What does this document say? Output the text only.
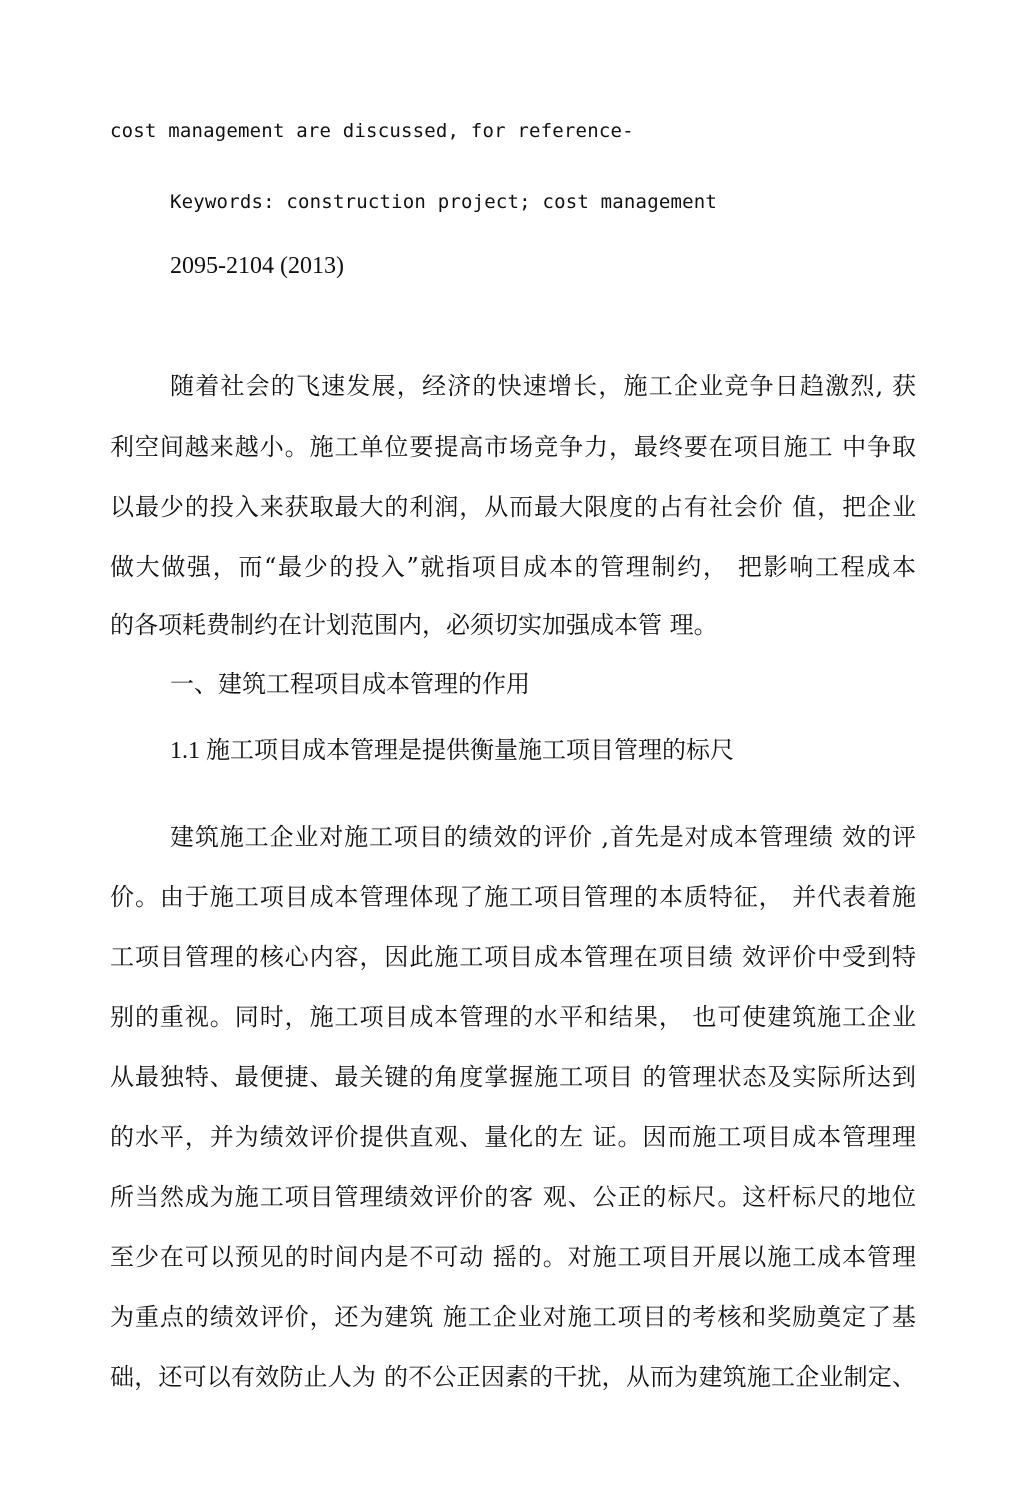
cost management are discussed, for reference-
Keywords: construction project; cost management
2095-2104 (2013)
随着社会的飞速发展，经济的快速增长，施工企业竞争日趋激烈, 获
利空间越来越小。施工单位要提高市场竞争力，最终要在项目施工 中争取
以最少的投入来获取最大的利润，从而最大限度的占有社会价 值，把企业
做大做强，而“最少的投入”就指项目成本的管理制约， 把影响工程成本
的各项耗费制约在计划范围内，必须切实加强成本管 理。
一、建筑工程项目成本管理的作用
1.1 施工项目成本管理是提供衡量施工项目管理的标尺
建筑施工企业对施工项目的绩效的评价 ,首先是对成本管理绩 效的评
价。由于施工项目成本管理体现了施工项目管理的本质特征， 并代表着施
工项目管理的核心内容，因此施工项目成本管理在项目绩 效评价中受到特
别的重视。同时，施工项目成本管理的水平和结果， 也可使建筑施工企业
从最独特、最便捷、最关键的角度掌握施工项目 的管理状态及实际所达到
的水平，并为绩效评价提供直观、量化的左 证。因而施工项目成本管理理
所当然成为施工项目管理绩效评价的客 观、公正的标尺。这杆标尺的地位
至少在可以预见的时间内是不可动 摇的。对施工项目开展以施工成本管理
为重点的绩效评价，还为建筑 施工企业对施工项目的考核和奖励奠定了基
础，还可以有效防止人为 的不公正因素的干扰，从而为建筑施工企业制定、
